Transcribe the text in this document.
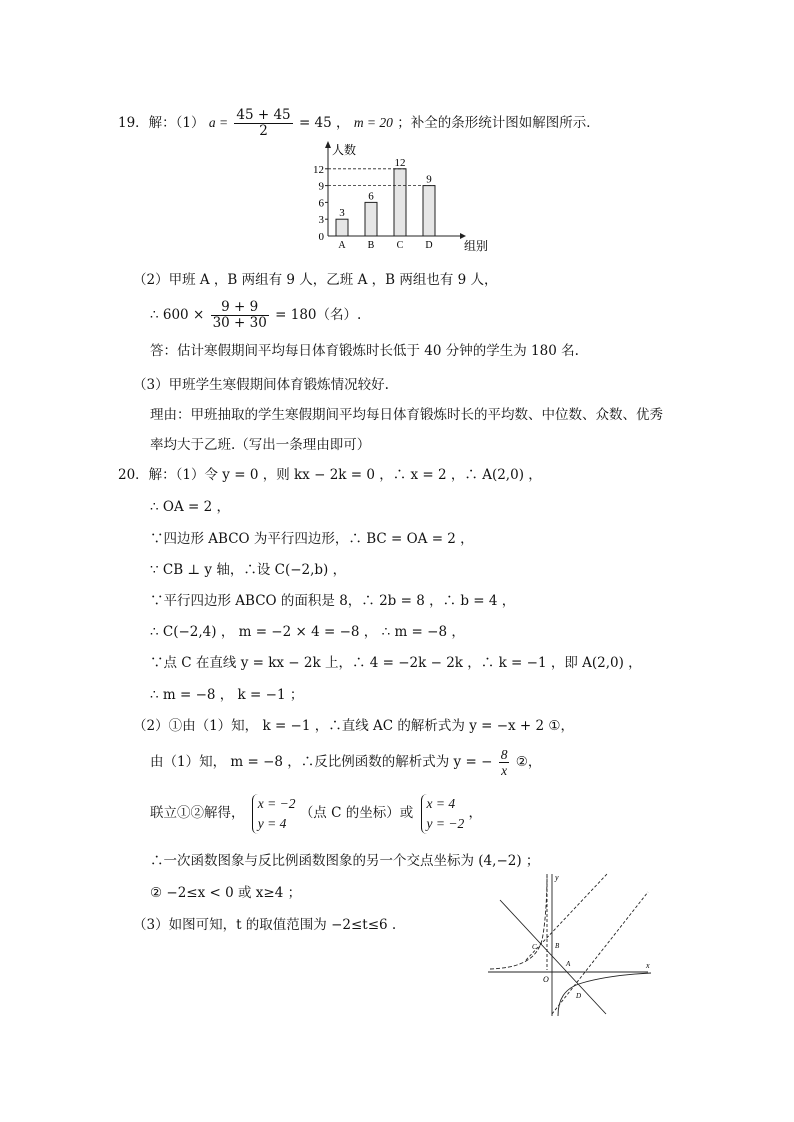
19．解：（1） $a = \frac{45 + 45}{2} = 45$ ， m = 20 ；补全的条形统计图如解图所示．
人数
组别
0
3
6
9
12
3
A
6
B
12
C
9
D
（2）甲班 A ，B 两组有 9 人，乙班 A ，B 两组也有 9 人，
∴ $600 \times \frac{9 + 9}{30 + 30} = 180$（名）.
答：估计寒假期间平均每日体育锻炼时长低于 40 分钟的学生为 180 名.
（3）甲班学生寒假期间体育锻炼情况较好.
理由：甲班抽取的学生寒假期间平均每日体育锻炼时长的平均数、中位数、众数、优秀
率均大于乙班.（写出一条理由即可）
20．解：（1）令 y = 0 ，则 kx − 2k = 0 ，∴ x = 2 ，∴ A(2,0) ，
∴ OA = 2 ，
∵四边形 ABCO 为平行四边形，∴ BC = OA = 2 ，
∵ CB ⊥ y 轴，∴设 C(−2,b) ，
∵平行四边形 ABCO 的面积是 8，∴ 2b = 8 ，∴ b = 4 ，
∴ C(−2,4) ， m = −2 × 4 = −8 ， ∴ m = −8 ，
∵点 C 在直线 y = kx − 2k 上，∴ 4 = −2k − 2k ，∴ k = −1 ，即 A(2,0) ，
∴ m = −8 ， k = −1 ；
（2）①由（1）知， k = −1 ，∴直线 AC 的解析式为 y = −x + 2 ①，
由（1）知， m = −8 ，∴反比例函数的解析式为 y = − $\frac{8}{x}$ ②，
联立①②解得，
x = −2
y = 4
（点 C 的坐标）或
x = 4
y = −2
，
∴一次函数图象与反比例函数图象的另一个交点坐标为 (4,−2) ；
② −2≤x < 0 或 x≥4 ；
（3）如图可知，t 的取值范围为 −2≤t≤6 .
y
x
O
A
B
C
D
